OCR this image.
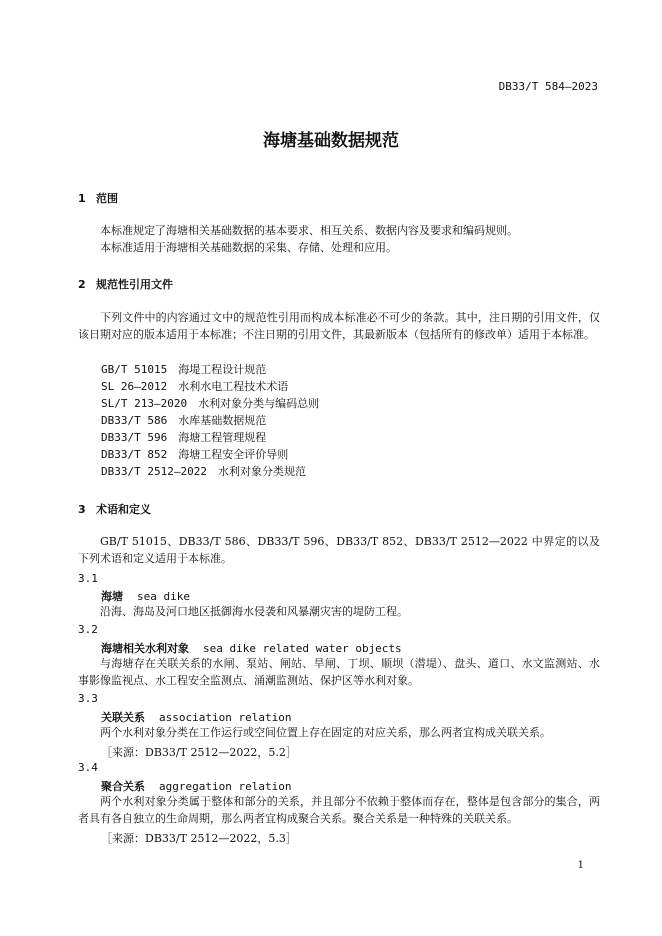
DB33/T 584—2023
海塘基础数据规范
1 范围

本标准规定了海塘相关基础数据的基本要求、相互关系、数据内容及要求和编码规则。

本标准适用于海塘相关基础数据的采集、存储、处理和应用。

2 规范性引用文件

下列文件中的内容通过文中的规范性引用而构成本标准必不可少的条款。其中，注日期的引用文件，仅该日期对应的版本适用于本标准；不注日期的引用文件，其最新版本（包括所有的修改单）适用于本标准。

GB/T 51015　海堤工程设计规范
SL 26—2012　水利水电工程技术术语
SL/T 213—2020　水利对象分类与编码总则
DB33/T 586　水库基础数据规范
DB33/T 596　海塘工程管理规程
DB33/T 852　海塘工程安全评价导则
DB33/T 2512—2022　水利对象分类规范
3 术语和定义

GB/T 51015、DB33/T 586、DB33/T 596、DB33/T 852、DB33/T 2512—2022 中界定的以及下列术语和定义适用于本标准。

3.1
海塘 sea dike

沿海、海岛及河口地区抵御海水侵袭和风暴潮灾害的堤防工程。

3.2
海塘相关水利对象 sea dike related water objects

与海塘存在关联关系的水闸、泵站、闸站、旱闸、丁坝、顺坝（潜堤）、盘头、道口、水文监测站、水事影像监视点、水工程安全监测点、涌潮监测站、保护区等水利对象。

3.3
关联关系 association relation

两个水利对象分类在工作运行或空间位置上存在固定的对应关系，那么两者宜构成关联关系。

［来源：DB33/T 2512—2022，5.2］
3.4
聚合关系 aggregation relation

两个水利对象分类属于整体和部分的关系，并且部分不依赖于整体而存在，整体是包含部分的集合，两者具有各自独立的生命周期，那么两者宜构成聚合关系。聚合关系是一种特殊的关联关系。

［来源：DB33/T 2512—2022，5.3］
1
